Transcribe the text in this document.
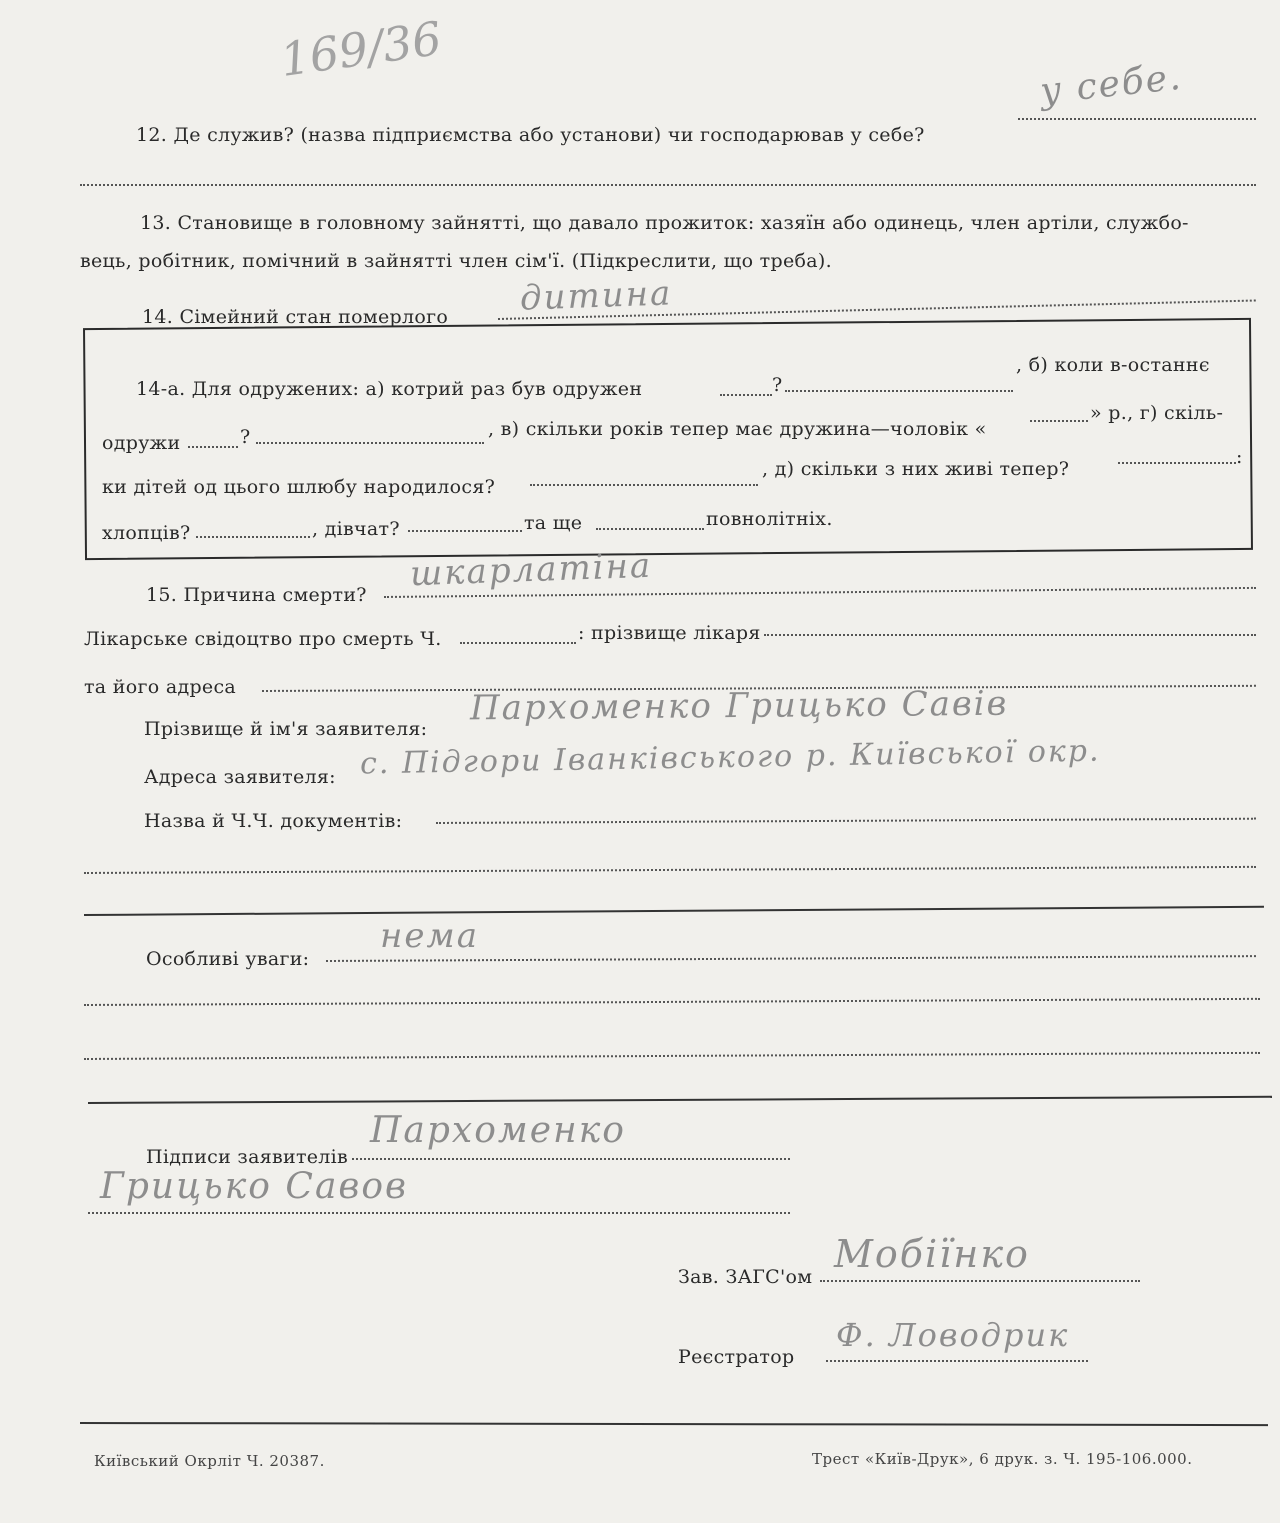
169/36
12. Де служив? (назва підприємства або установи) чи господарював у себе?
у себе.
13. Становище в головному зайнятті, що давало прожиток: хазяїн або одинець, член артіли, службо-
вець, робітник, помічний в зайнятті член сім'ї. (Підкреслити, що треба).
14. Сімейний стан померлого дитина
14-а. Для одружених: а) котрий раз був одружен	?
, б) коли в-останнє
одружи	?	, в) скільки років тепер має дружина—чоловік «
» р., г) скіль-
ки дітей од цього шлюбу народилося?
, д) скільки з них живі тепер?
:
хлопців?	, дівчат?	та ще	повнолітніх.
15. Причина смерти?
шкарлатіна
Лікарське свідоцтво про смерть Ч.	: прізвище лікаря
та його адреса
Прізвище й ім'я заявителя:
Пархоменко Грицько Савів
Адреса заявителя: с. Підгори Іванківського р. Київської окр.
Назва й Ч.Ч. документів:
Особливі уваги:
нема
Підписи заявителів
Пархоменко
Грицько Савов
Зав. ЗАГС'ом
Мобіїнко
Реєстратор
Ф. Ловодрик
Київський Окрліт Ч. 20387.	Трест «Київ-Друк», 6 друк. з. Ч. 195-106.000.
